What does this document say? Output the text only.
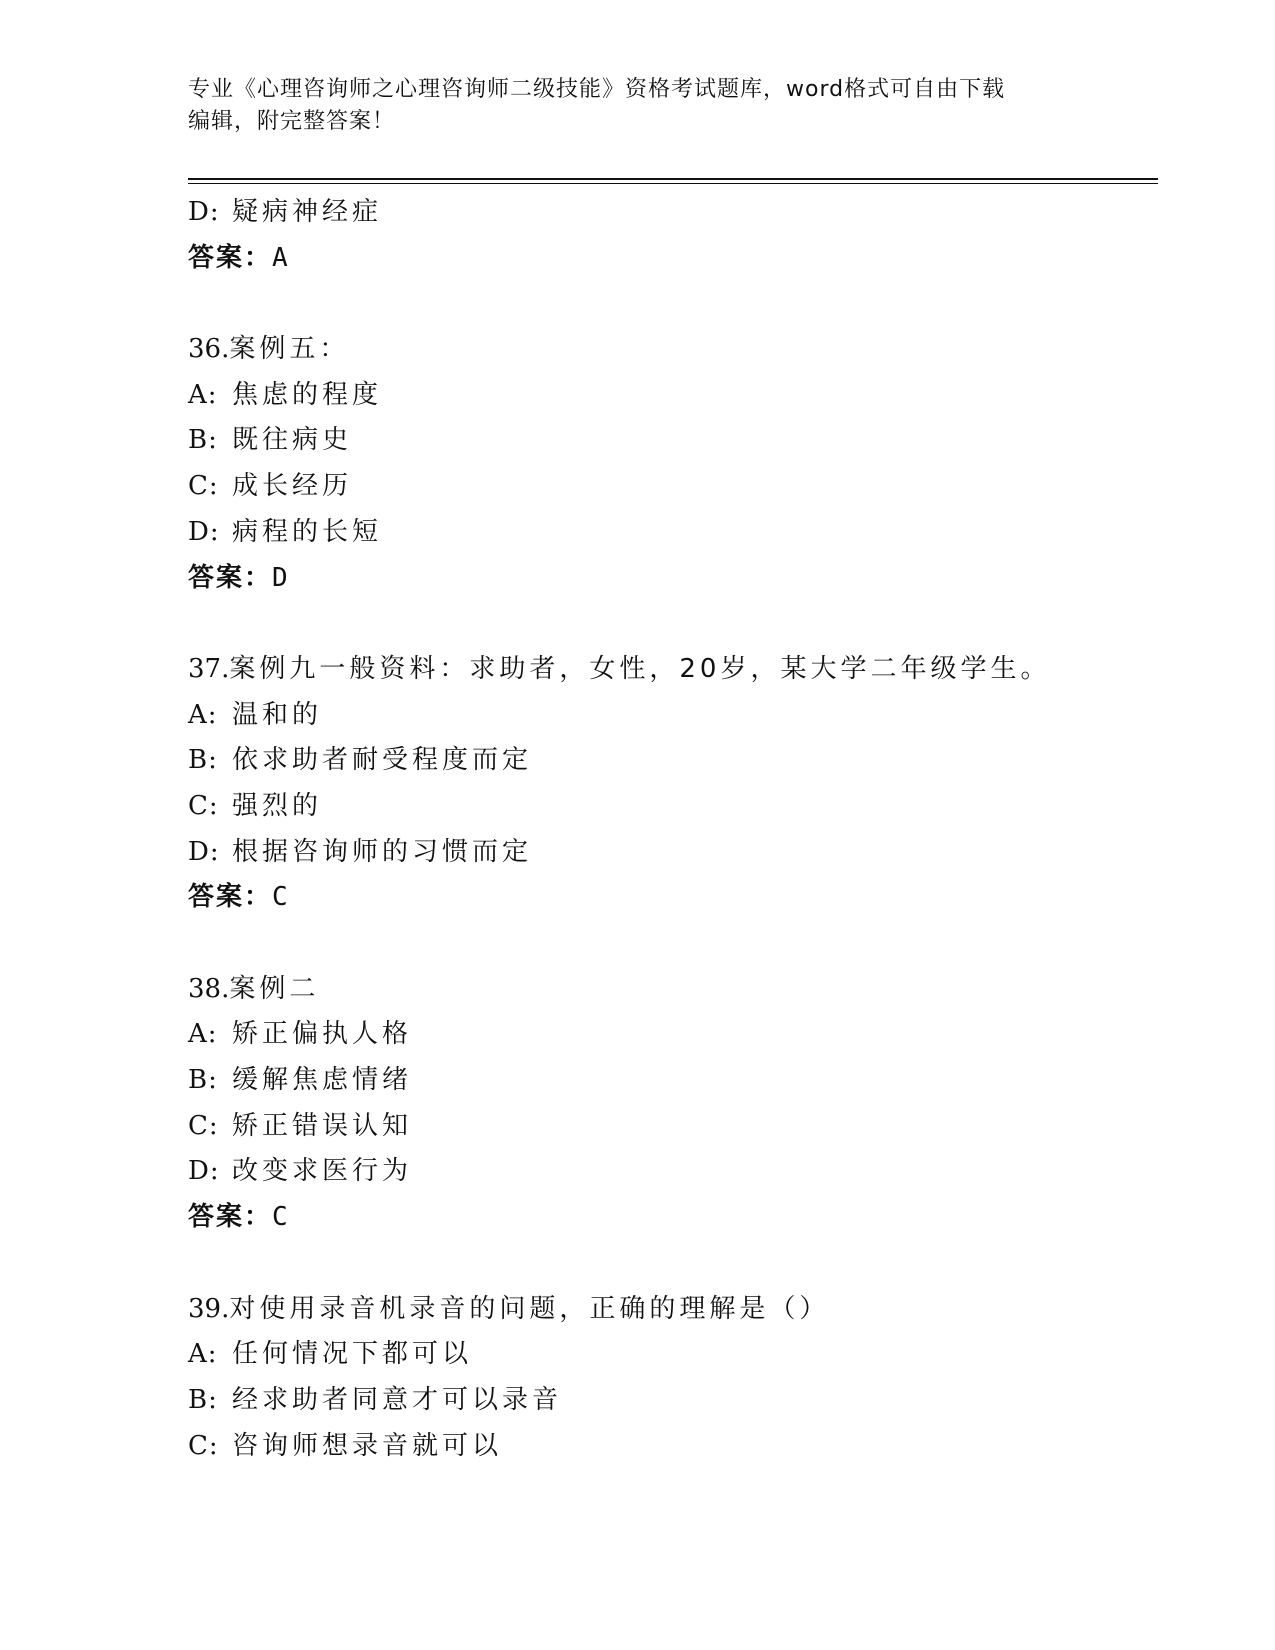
专业《心理咨询师之心理咨询师二级技能》资格考试题库，word格式可自由下载
编辑，附完整答案！
D: 疑病神经症
答案：A
36.案例五：
A: 焦虑的程度
B: 既往病史
C: 成长经历
D: 病程的长短
答案：D
37.案例九一般资料：求助者，女性，20岁，某大学二年级学生。
A: 温和的
B: 依求助者耐受程度而定
C: 强烈的
D: 根据咨询师的习惯而定
答案：C
38.案例二
A: 矫正偏执人格
B: 缓解焦虑情绪
C: 矫正错误认知
D: 改变求医行为
答案：C
39.对使用录音机录音的问题，正确的理解是（）
A: 任何情况下都可以
B: 经求助者同意才可以录音
C: 咨询师想录音就可以
